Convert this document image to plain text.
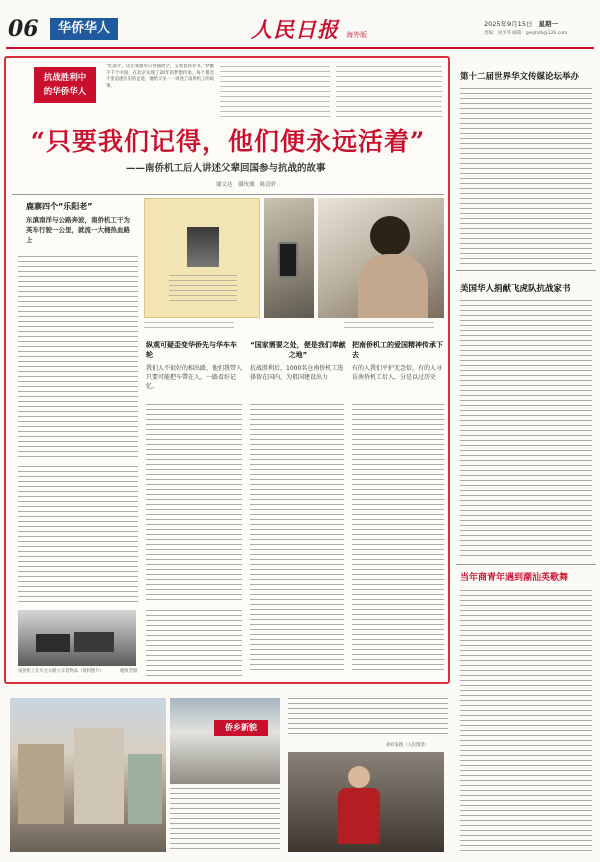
06	华侨华人	人民日报 海外版
2025年9月15日 星期一
责编：刘少华 邮箱：gesjhsb@126.com
抗战胜利中
的华侨华人
“纪录片，这让我想早日穿越时空，又看着我爷爷。”梦醒千千个中国，在北京实现了20年的梦想传承。每个都会千里追逐历史的足迹，地给父亲一一讲述了南侨机工的故事。
“只要我们记得，他们便永远活着”
——南侨机工后人讲述父辈回国参与抗战的故事
谢文达　谢玫瑰　陈清轩
鹿寨四个“乐阳老”
东滇南洋与公路奔波，南侨机工干为英车行驶一公里，就流一大桶热血路上
纵观可疑歪变华侨先与华车车轮
我们人不很好的相出路，他们我带人只要可能把车帶在人，一路看好记忆。
“国家需要之处，便是我们奉献之地”
抗战胜利后，1000名仓南侨机工选择留在国内，为祖国建设出力
把南侨机工的爱国精神传承下去
有的人我们平护无念倍，有的人寻访南侨机工后人，分是以过历史
南侨机工在车仓公路立车装物品（资料照片）	谢致芳摄
第十二届世界华文传媒论坛举办
美国华人捐献飞虎队抗战家书
当年商青年遇到潮汕英歌舞
侨乡新貌
胡祥发摄（人民图景）
